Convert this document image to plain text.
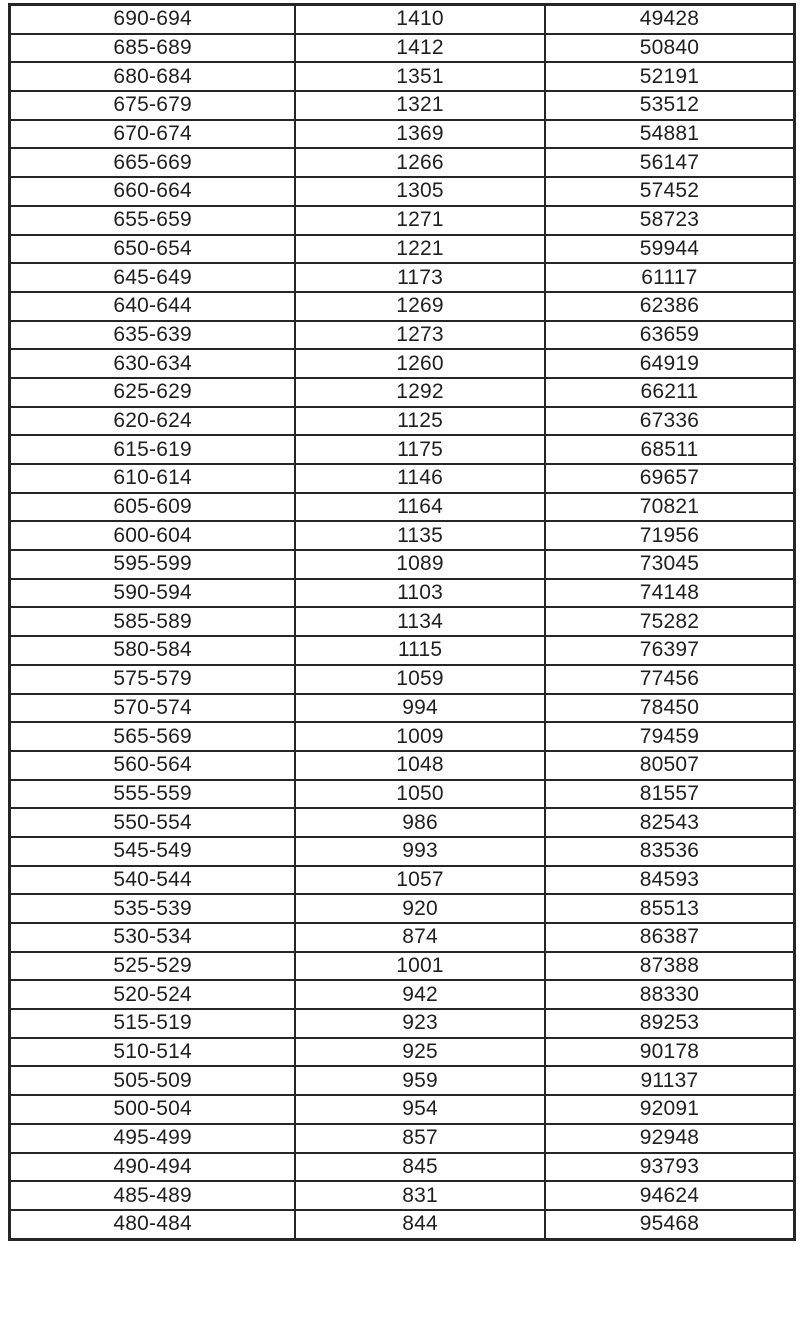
690-694	1410	49428
685-689	1412	50840
680-684	1351	52191
675-679	1321	53512
670-674	1369	54881
665-669	1266	56147
660-664	1305	57452
655-659	1271	58723
650-654	1221	59944
645-649	1173	61117
640-644	1269	62386
635-639	1273	63659
630-634	1260	64919
625-629	1292	66211
620-624	1125	67336
615-619	1175	68511
610-614	1146	69657
605-609	1164	70821
600-604	1135	71956
595-599	1089	73045
590-594	1103	74148
585-589	1134	75282
580-584	1115	76397
575-579	1059	77456
570-574	994	78450
565-569	1009	79459
560-564	1048	80507
555-559	1050	81557
550-554	986	82543
545-549	993	83536
540-544	1057	84593
535-539	920	85513
530-534	874	86387
525-529	1001	87388
520-524	942	88330
515-519	923	89253
510-514	925	90178
505-509	959	91137
500-504	954	92091
495-499	857	92948
490-494	845	93793
485-489	831	94624
480-484	844	95468
